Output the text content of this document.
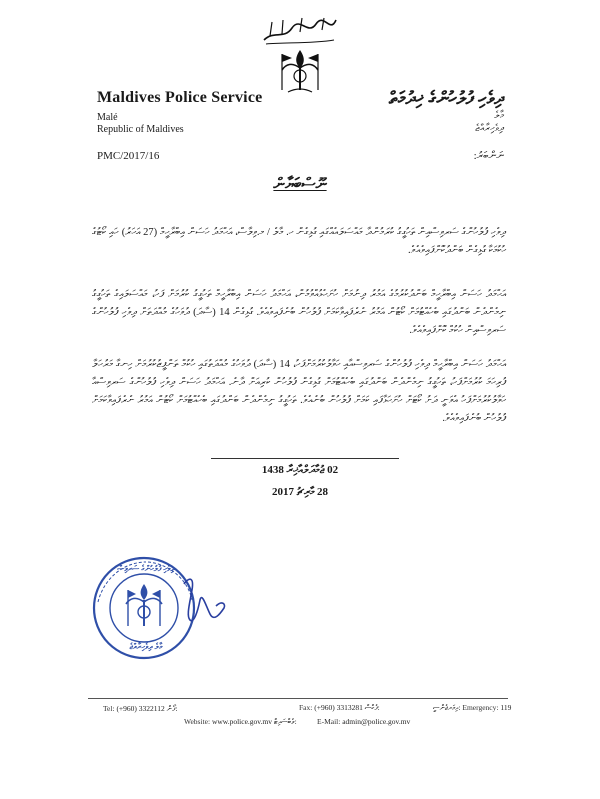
Maldives Police Service
Malé
Republic of Maldives
ދިވެހި ފުލުހުންގެ ޚިދުމަތް
މާލެ
ދިވެހިރާއްޖެ
PMC/2017/16	ނަންބަރު:
ނޫސްބަޔާން
ދިވެހި ފުލުހުންގެ ސަރވިސްއިން ތަހުގީގު ކުރަމުންދާ މައްސަލައެއްގައި ގުޅިގެން ހ. މާލެ / މ.ވިލާސް، އަޙްމަދު ހަސަން އިބްރާހީމް (27 އަހަރު) ހައި ކޯޓުގެ ހުކުމަކާ ގުޅިގެން ބަންދުކޮށްފައިވެއެވެ.
އަޙްމަދު ހަސަން އިބްރާހީމް ބަންދުކުރުމުގެ އަމުރު ދިނުމަށް ހުށަހެޅުއްވުމުން، އަޙްމަދު ހަސަން އިބްރާހީމް ތަހުގީގު ކުރުމަށް ފަހު، މައްސަލައިގެ ތަހުގީގު ނިމެންދެން ބަންދުގައި ބެހެއްޓުމަށް ކޯޓުން އަމުރު ނެރެފައިވާކަމަށް ފުލުހުން ބުނެފައިވެއެވެ. ގުޅިގެން 14 (ސާދަ) ދުވަހުގެ މުއްދަތަށް ދިވެހި ފުލުހުންގެ ސަރވިސްއިން ހުކުމް ކޮށްފައިވެއެވެ.
އަޙްމަދު ހަސަން އިބްރާހީމް ދިވެހި ފުލުހުންގެ ސަރވިސްއާއި ހަވާލުކުރުމަށްފަހު، 14 (ސާދަ) ދުވަހުގެ މުއްދަތުގައި ހުކުމް ތަންފީޒުކުރުމަށް ހިނގާ މަރުހަލާ ފުރިހަމަ ކުރުމަށްފަހު، ތަހުގީގު ނިމެންދެން ބަންދުގައި ބެހެއްޓުމަށް ގުޅިގެން ފުލުހުން ކުރިއަށް ދާނެ. އަޙްމަދު ހަސަން ދިވެހި ފުލުހުންގެ ސަރވިސްއާ ހަވާލުކުރުމަށްފަހު އެވަނީ ދަށު ކޯޓަށް ހުށަހަޅާފައި ކަމަށް ފުލުހުން ބުނެއެވެ. ތަހުގީގު ނިމެންދެން ބަންދުގައި ބެހެއްޓުމަށް ކޯޓުން އަމުރު ނެރެފައިވާކަމަށް ފުލުހުން ބުނެފައިވެއެވެ.
02 ޖުމާދަލްއާޚިރާ 1438
28 މާރިޗު 2017
ދިވެހި ފުލުހުންގެ ސަރވިސް
މާލެ ދިވެހިރާއްޖެ
Tel: (+960) 3322112 ފޯން:	Fax: (+960) 3313281 ފެކްސް:	އިމަރޖެންސީ: Emergency: 119
Website: www.police.gov.mv ވެބްސައިޓް:	E-Mail: admin@police.gov.mv
